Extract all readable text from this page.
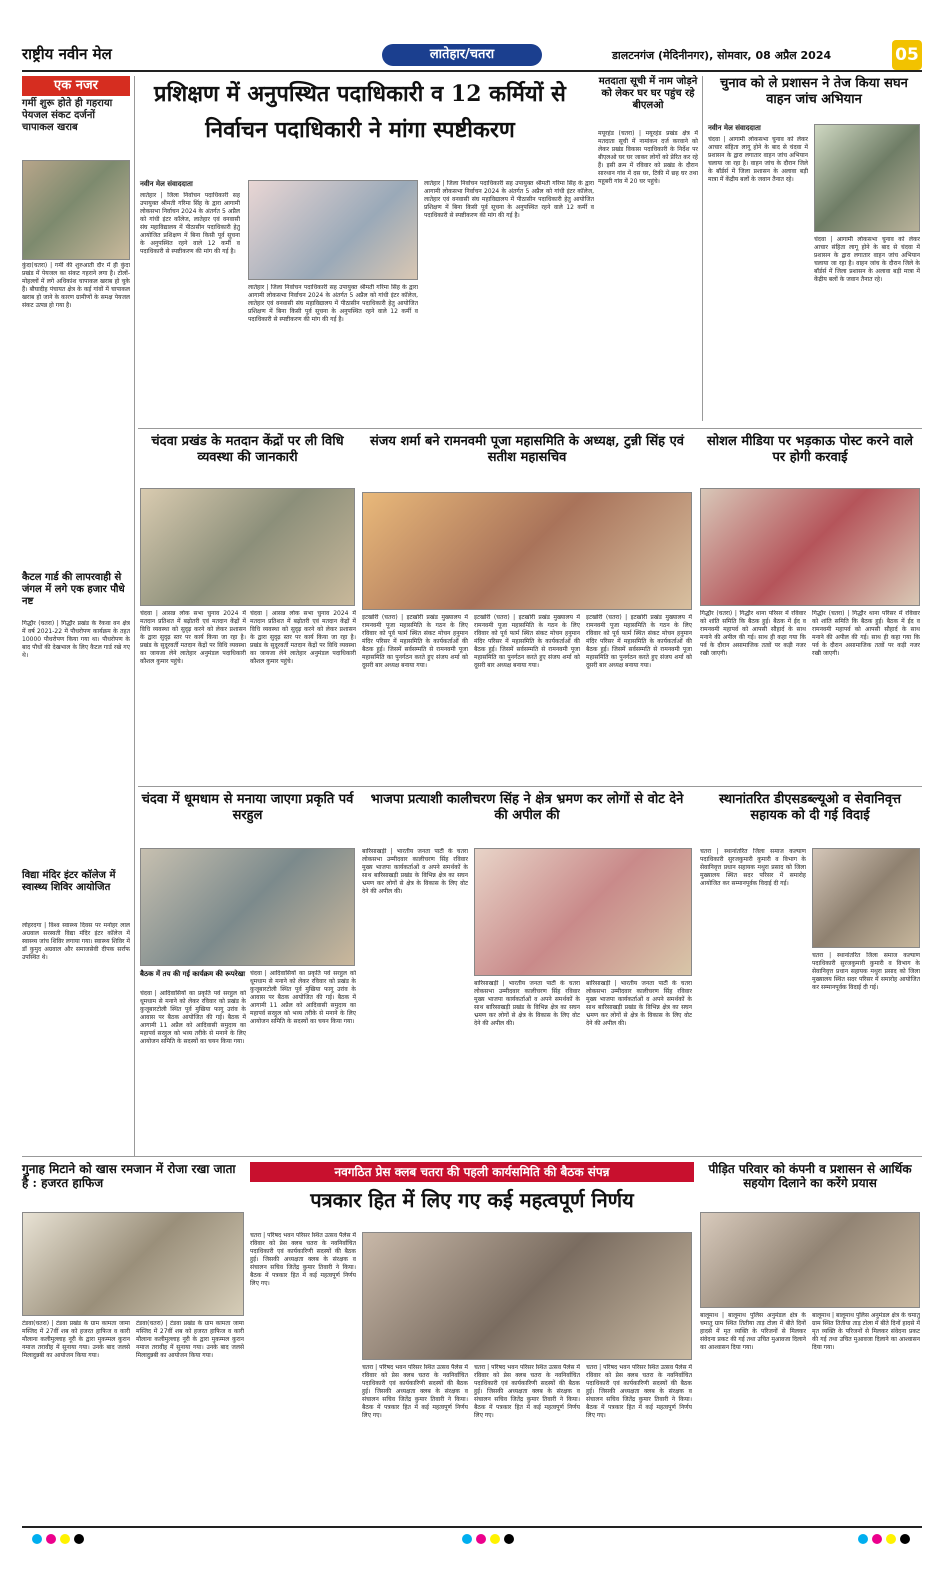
राष्ट्रीय नवीन मेल	लातेहार/चतरा	डालटनगंज (मेदिनीनगर), सोमवार, 08 अप्रैल 2024	05
एक नजर
गर्मी शुरू होते ही गहराया पेयजल संकट दर्जनों चापाकल खराब
कुंदा(चतरा) | गर्मी की शुरुआती दौर में ही कुंदा प्रखंड में पेयजल का संकट गहराने लगा है। टोलों-मोहल्लों में लगे अधिकांश चापाकल खराब हो चुके हैं। बौघादीह पंचायत क्षेत्र के कई गांवों में चापाकल खराब हो जाने के कारण ग्रामीणों के समक्ष पेयजल संकट उत्पन्न हो गया है।
कैटल गार्ड की लापरवाही से जंगल में लगे एक हजार पौधे नष्ट
गिद्धौर (चतरा) | गिद्धौर प्रखंड के रेंकवा वन क्षेत्र में वर्ष 2021-22 में पौधरोपण कार्यक्रम के तहत 10000 पौधरोपण किया गया था। पौधरोपण के बाद पौधों की देखभाल के लिए कैटल गार्ड रखे गए थे।
विद्या मंदिर इंटर कॉलेज में स्वास्थ्य शिविर आयोजित
लोहरदगा | विश्व स्वास्थ्य दिवस पर मनोहर लाल अग्रवाल सरस्वती विद्या मंदिर इंटर कॉलेज में स्वास्थ्य जांच शिविर लगाया गया। स्वास्थ्य शिविर में डॉ कुमुद अग्रवाल और समाजसेवी दीपक सर्राफ उपस्थित थे।
प्रशिक्षण में अनुपस्थित पदाधिकारी व 12 कर्मियों से निर्वाचन पदाधिकारी ने मांगा स्पष्टीकरण
नवीन मेल संवाददाता
लातेहार | जिला निर्वाचन पदाधिकारी सह उपायुक्त श्रीमती गरिमा सिंह के द्वारा आगामी लोकसभा निर्वाचन 2024 के अंतर्गत 5 अप्रैल को गांधी इंटर कॉलेज, लातेहार एवं वनवासी संघ महाविद्यालय में पीठासीन पदाधिकारी हेतु आयोजित प्रशिक्षण में बिना किसी पूर्व सूचना के अनुपस्थित रहने वाले 12 कर्मी व पदाधिकारी से स्पष्टीकरण की मांग की गई है।
लातेहार | जिला निर्वाचन पदाधिकारी सह उपायुक्त श्रीमती गरिमा सिंह के द्वारा आगामी लोकसभा निर्वाचन 2024 के अंतर्गत 5 अप्रैल को गांधी इंटर कॉलेज, लातेहार एवं वनवासी संघ महाविद्यालय में पीठासीन पदाधिकारी हेतु आयोजित प्रशिक्षण में बिना किसी पूर्व सूचना के अनुपस्थित रहने वाले 12 कर्मी व पदाधिकारी से स्पष्टीकरण की मांग की गई है।
लातेहार | जिला निर्वाचन पदाधिकारी सह उपायुक्त श्रीमती गरिमा सिंह के द्वारा आगामी लोकसभा निर्वाचन 2024 के अंतर्गत 5 अप्रैल को गांधी इंटर कॉलेज, लातेहार एवं वनवासी संघ महाविद्यालय में पीठासीन पदाधिकारी हेतु आयोजित प्रशिक्षण में बिना किसी पूर्व सूचना के अनुपस्थित रहने वाले 12 कर्मी व पदाधिकारी से स्पष्टीकरण की मांग की गई है।
मतदाता सूची में नाम जोड़ने को लेकर घर घर पहुंच रहे बीएलओ
मयूरहंड (चतरा) | मयूरहंड प्रखंड क्षेत्र में मतदाता सूची में नामांकन दर्ज करवाने को लेकर प्रखंड विकास पदाधिकारी के निर्देश पर बीएलओ घर घर जाकर लोगों को प्रेरित कर रहे हैं। इसी क्रम में रविवार को प्रखंड के दौरान सारथान गांव में दस घर, टिकी में छह घर तथा महूबरी गांव में 20 घर पहुंचे।
चुनाव को ले प्रशासन ने तेज किया सघन वाहन जांच अभियान
नवीन मेल संवाददाता
चंदवा | आगामी लोकसभा चुनाव को लेकर आचार संहिता लागू होने के बाद से चंदवा में प्रशासन के द्वारा लगातार वाहन जांच अभियान चलाया जा रहा है। वाहन जांच के दौरान जिले के बॉर्डर्स में जिला प्रशासन के अलावा बड़ी मात्रा में केंद्रीय बलों के जवान तैनात रहे।
चंदवा | आगामी लोकसभा चुनाव को लेकर आचार संहिता लागू होने के बाद से चंदवा में प्रशासन के द्वारा लगातार वाहन जांच अभियान चलाया जा रहा है। वाहन जांच के दौरान जिले के बॉर्डर्स में जिला प्रशासन के अलावा बड़ी मात्रा में केंद्रीय बलों के जवान तैनात रहे।
चंदवा प्रखंड के मतदान केंद्रों पर ली विधि व्यवस्था की जानकारी
चंदवा | आसन्न लोक सभा चुनाव 2024 में मतदान प्रतिशत में बढ़ोतरी एवं मतदान केंद्रों में विधि व्यवस्था को सुदृढ़ करने को लेकर प्रशासन के द्वारा सुदृढ़ स्तर पर कार्य किया जा रहा है। प्रखंड के सुदूरवर्ती मतदान केंद्रों पर विधि व्यवस्था का जायजा लेने लातेहार अनुमंडल पदाधिकारी कौशल कुमार पहुंचे।
चंदवा | आसन्न लोक सभा चुनाव 2024 में मतदान प्रतिशत में बढ़ोतरी एवं मतदान केंद्रों में विधि व्यवस्था को सुदृढ़ करने को लेकर प्रशासन के द्वारा सुदृढ़ स्तर पर कार्य किया जा रहा है। प्रखंड के सुदूरवर्ती मतदान केंद्रों पर विधि व्यवस्था का जायजा लेने लातेहार अनुमंडल पदाधिकारी कौशल कुमार पहुंचे।
संजय शर्मा बने रामनवमी पूजा महासमिति के अध्यक्ष, टुन्नी सिंह एवं सतीश महासचिव
इटखोरी (चतरा) | इटखोरी प्रखंड मुख्यालय में रामनवमी पूजा महासमिति के गठन के लिए रविवार को पूर्व फार्म स्थित संकट मोचन हनुमान मंदिर परिसर में महासमिति के कार्यकर्ताओं की बैठक हुई। जिसमें सर्वसम्मति से रामनवमी पूजा महासमिति का पुनर्गठन करते हुए संजय शर्मा को दूसरी बार अध्यक्ष बनाया गया।
इटखोरी (चतरा) | इटखोरी प्रखंड मुख्यालय में रामनवमी पूजा महासमिति के गठन के लिए रविवार को पूर्व फार्म स्थित संकट मोचन हनुमान मंदिर परिसर में महासमिति के कार्यकर्ताओं की बैठक हुई। जिसमें सर्वसम्मति से रामनवमी पूजा महासमिति का पुनर्गठन करते हुए संजय शर्मा को दूसरी बार अध्यक्ष बनाया गया।
इटखोरी (चतरा) | इटखोरी प्रखंड मुख्यालय में रामनवमी पूजा महासमिति के गठन के लिए रविवार को पूर्व फार्म स्थित संकट मोचन हनुमान मंदिर परिसर में महासमिति के कार्यकर्ताओं की बैठक हुई। जिसमें सर्वसम्मति से रामनवमी पूजा महासमिति का पुनर्गठन करते हुए संजय शर्मा को दूसरी बार अध्यक्ष बनाया गया।
सोशल मीडिया पर भड़काऊ पोस्ट करने वाले पर होगी करवाई
गिद्धौर (चतरा) | गिद्धौर थाना परिसर में रविवार को शांति समिति कि बैठक हुई। बैठक में ईद व रामनवमी महापर्व को आपसी सौहार्द के साथ मनाने की अपील की गई। साथ ही कहा गया कि पर्व के दौरान असामाजिक तत्वों पर कड़ी नजर रखी जाएगी।
गिद्धौर (चतरा) | गिद्धौर थाना परिसर में रविवार को शांति समिति कि बैठक हुई। बैठक में ईद व रामनवमी महापर्व को आपसी सौहार्द के साथ मनाने की अपील की गई। साथ ही कहा गया कि पर्व के दौरान असामाजिक तत्वों पर कड़ी नजर रखी जाएगी।
चंदवा में धूमधाम से मनाया जाएगा प्रकृति पर्व सरहुल
बैठक में तय की गई कार्यक्रम की रूपरेखा
चंदवा | आदिवासियों का प्रकृति पर्व सरहुल को धूमधाम से मनाने को लेकर रविवार को प्रखंड के कुजूबारटोली स्थित पूर्व मुखिया फागू उरांव के आवास पर बैठक आयोजित की गई। बैठक में आगामी 11 अप्रैल को आदिवासी समुदाय का महापर्व सरहुल को भव्य तरीके से मनाने के लिए आयोजन समिति के सदस्यों का चयन किया गया।
चंदवा | आदिवासियों का प्रकृति पर्व सरहुल को धूमधाम से मनाने को लेकर रविवार को प्रखंड के कुजूबारटोली स्थित पूर्व मुखिया फागू उरांव के आवास पर बैठक आयोजित की गई। बैठक में आगामी 11 अप्रैल को आदिवासी समुदाय का महापर्व सरहुल को भव्य तरीके से मनाने के लिए आयोजन समिति के सदस्यों का चयन किया गया।
भाजपा प्रत्याशी कालीचरण सिंह ने क्षेत्र भ्रमण कर लोगों से वोट देने की अपील की
बारिसाखड़ी | भारतीय जनता पार्टी के चतरा लोकसभा उम्मीदवार कालीचरण सिंह रविवार मुख्य भाजपा कार्यकर्ताओं व अपने समर्थकों के साथ बारिसाखड़ी प्रखंड के विभिन्न क्षेत्र का सघन भ्रमण कर लोगों से क्षेत्र के विकास के लिए वोट देने की अपील की।
बारिसाखड़ी | भारतीय जनता पार्टी के चतरा लोकसभा उम्मीदवार कालीचरण सिंह रविवार मुख्य भाजपा कार्यकर्ताओं व अपने समर्थकों के साथ बारिसाखड़ी प्रखंड के विभिन्न क्षेत्र का सघन भ्रमण कर लोगों से क्षेत्र के विकास के लिए वोट देने की अपील की।
बारिसाखड़ी | भारतीय जनता पार्टी के चतरा लोकसभा उम्मीदवार कालीचरण सिंह रविवार मुख्य भाजपा कार्यकर्ताओं व अपने समर्थकों के साथ बारिसाखड़ी प्रखंड के विभिन्न क्षेत्र का सघन भ्रमण कर लोगों से क्षेत्र के विकास के लिए वोट देने की अपील की।
स्थानांतरित डीएसडब्ल्यूओ व सेवानिवृत्त सहायक को दी गई विदाई
चतरा | स्थानांतरित जिला समाज कल्याण पदाधिकारी सुरजकुमारी कुमारी व विभाग के सेवानिवृत्त प्रधान सहायक मथुरा प्रसाद को जिला मुख्यालय स्थित सदर परिसर में समारोह आयोजित कर सम्मानपूर्वक विदाई दी गई।
चतरा | स्थानांतरित जिला समाज कल्याण पदाधिकारी सुरजकुमारी कुमारी व विभाग के सेवानिवृत्त प्रधान सहायक मथुरा प्रसाद को जिला मुख्यालय स्थित सदर परिसर में समारोह आयोजित कर सम्मानपूर्वक विदाई दी गई।
गुनाह मिटाने को खास रमजान में रोजा रखा जाता है : हजरत हाफिज
टंडवा(चतरा) | टंडवा प्रखंड के ग्राम कामता जामा मस्जिद में 27वीं शब को हजरत हाफिज व कारी मौलाना कलीमुल्लाह नूरी के द्वारा मुकम्मल कुरान नमाज तरावीह में सुनाया गया। उनके बाद जलसे मिलादुन्नबी का आयोजन किया गया।
टंडवा(चतरा) | टंडवा प्रखंड के ग्राम कामता जामा मस्जिद में 27वीं शब को हजरत हाफिज व कारी मौलाना कलीमुल्लाह नूरी के द्वारा मुकम्मल कुरान नमाज तरावीह में सुनाया गया। उनके बाद जलसे मिलादुन्नबी का आयोजन किया गया।
नवगठित प्रेस क्लब चतरा की पहली कार्यसमिति की बैठक संपन्न
पत्रकार हित में लिए गए कई महत्वपूर्ण निर्णय
चतरा | परिषद भवन परिसर स्थित उत्सव पैलेस में रविवार को प्रेस क्लब चतरा के नवनिर्वाचित पदाधिकारी एवं कार्यकारिणी सदस्यों की बैठक हुई। जिसकी अध्यक्षता क्लब के संरक्षक व संचालन सचिव जितेंद्र कुमार तिवारी ने किया। बैठक में पत्रकार हित में कई महत्वपूर्ण निर्णय लिए गए।
चतरा | परिषद भवन परिसर स्थित उत्सव पैलेस में रविवार को प्रेस क्लब चतरा के नवनिर्वाचित पदाधिकारी एवं कार्यकारिणी सदस्यों की बैठक हुई। जिसकी अध्यक्षता क्लब के संरक्षक व संचालन सचिव जितेंद्र कुमार तिवारी ने किया। बैठक में पत्रकार हित में कई महत्वपूर्ण निर्णय लिए गए।
चतरा | परिषद भवन परिसर स्थित उत्सव पैलेस में रविवार को प्रेस क्लब चतरा के नवनिर्वाचित पदाधिकारी एवं कार्यकारिणी सदस्यों की बैठक हुई। जिसकी अध्यक्षता क्लब के संरक्षक व संचालन सचिव जितेंद्र कुमार तिवारी ने किया। बैठक में पत्रकार हित में कई महत्वपूर्ण निर्णय लिए गए।
चतरा | परिषद भवन परिसर स्थित उत्सव पैलेस में रविवार को प्रेस क्लब चतरा के नवनिर्वाचित पदाधिकारी एवं कार्यकारिणी सदस्यों की बैठक हुई। जिसकी अध्यक्षता क्लब के संरक्षक व संचालन सचिव जितेंद्र कुमार तिवारी ने किया। बैठक में पत्रकार हित में कई महत्वपूर्ण निर्णय लिए गए।
पीड़ित परिवार को कंपनी व प्रशासन से आर्थिक सहयोग दिलाने का करेंगे प्रयास
बालूमाथ | बालूमाथ पुलिस अनुमंडल क्षेत्र के चमातु ग्राम स्थित तितीया ताड़ टोला में बीते दिनों हादसे में मृत व्यक्ति के परिजनों से मिलकर संवेदना प्रकट की गई तथा उचित मुआवजा दिलाने का आश्वासन दिया गया।
बालूमाथ | बालूमाथ पुलिस अनुमंडल क्षेत्र के चमातु ग्राम स्थित तितीया ताड़ टोला में बीते दिनों हादसे में मृत व्यक्ति के परिजनों से मिलकर संवेदना प्रकट की गई तथा उचित मुआवजा दिलाने का आश्वासन दिया गया।
